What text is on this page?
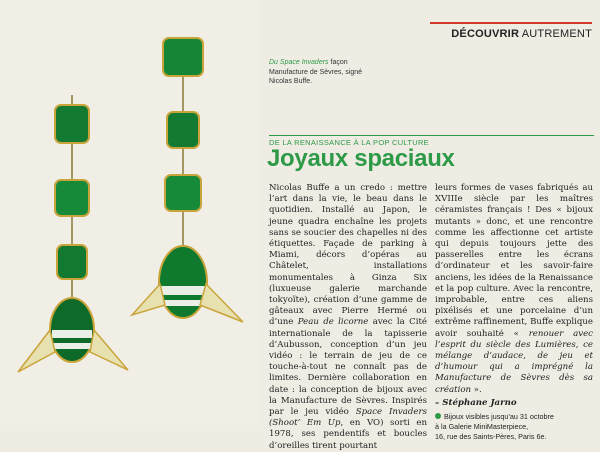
DÉCOUVRIR AUTREMENT
Du Space Invaders façon Manufacture de Sèvres, signé Nicolas Buffe.
DE LA RENAISSANCE À LA POP CULTURE
Joyaux spaciaux
Nicolas Buffe a un credo : mettre l’art dans la vie, le beau dans le quotidien. Installé au Japon, le jeune quadra enchaîne les projets sans se soucier des chapelles ni des étiquettes. Façade de parking à Miami, décors d’opéras au Châtelet, installations monumentales à Ginza Six (luxueuse galerie marchande tokyoïte), création d’une gamme de gâteaux avec Pierre Hermé ou d’une Peau de licorne avec la Cité internationale de la tapisserie d’Aubusson, conception d’un jeu vidéo : le terrain de jeu de ce touche-à-tout ne connaît pas de limites. Dernière collaboration en date : la conception de bijoux avec la Manufacture de Sèvres. Inspirés par le jeu vidéo Space Invaders (Shoot’ Em Up, en VO) sorti en 1978, ses pendentifs et boucles d’oreilles tirent pourtant
leurs formes de vases fabriqués au XVIIIe siècle par les maîtres céramistes français ! Des « bijoux mutants » donc, et une rencontre comme les affectionne cet artiste qui depuis toujours jette des passerelles entre les écrans d’ordinateur et les savoir-faire anciens, les idées de la Renaissance et la pop culture. Avec la rencontre, improbable, entre ces aliens pixélisés et une porcelaine d’un extrême raffinement, Buffe explique avoir souhaité « renouer avec l’esprit du siècle des Lumières, ce mélange d’audace, de jeu et d’humour qui a imprégné la Manufacture de Sèvres dès sa création ».
– Stéphane Jarno
Bijoux visibles jusqu’au 31 octobre
à la Galerie MiniMasterpiece,
16, rue des Saints-Pères, Paris 6e.
